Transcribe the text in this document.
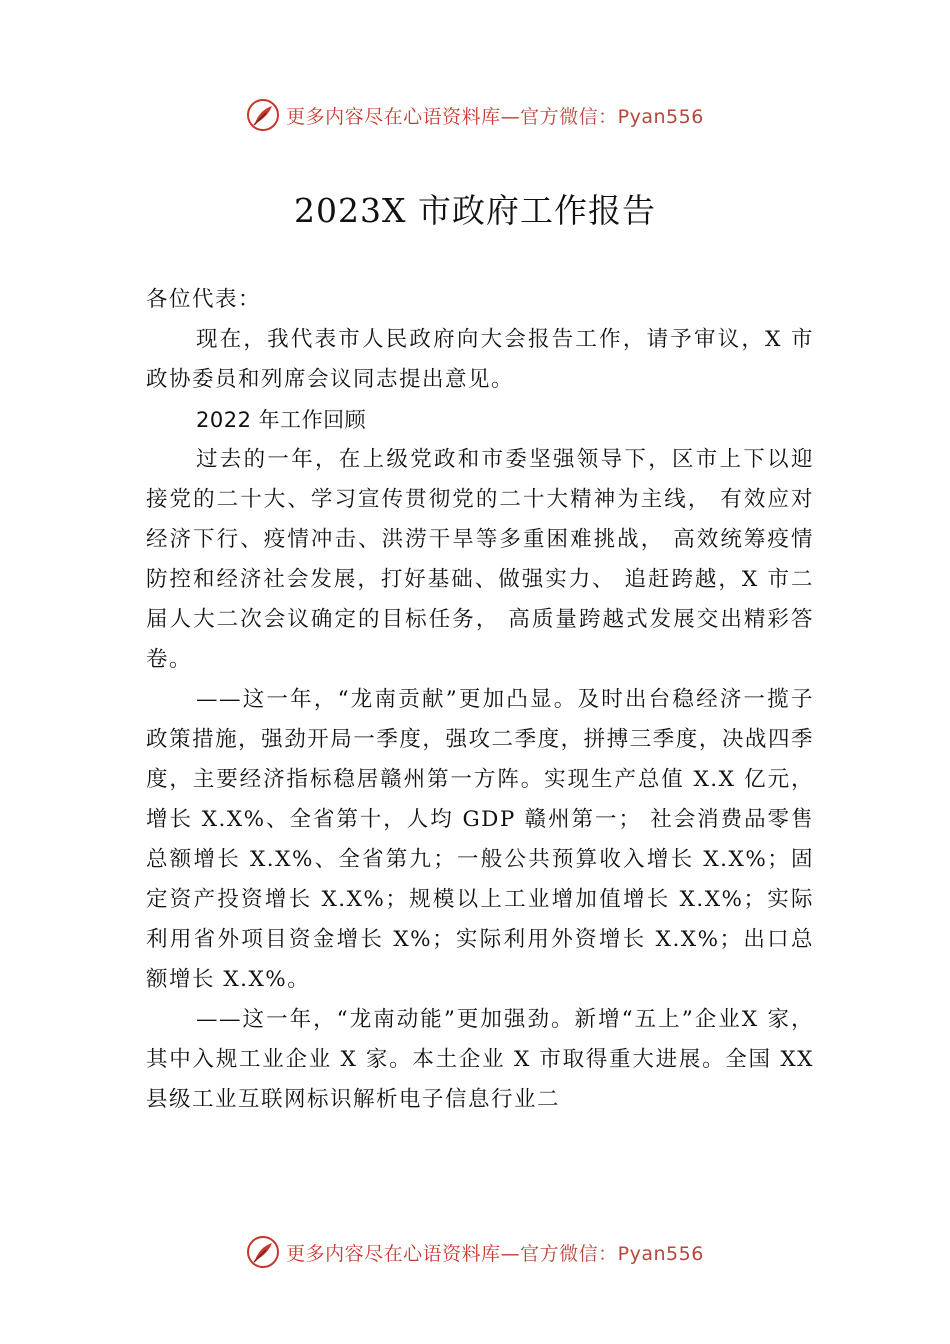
更多内容尽在心语资料库—官方微信：Pyan556
2023X 市政府工作报告

各位代表：

现在，我代表市人民政府向大会报告工作，请予审议，X 市政协委员和列席会议同志提出意见。

2022 年工作回顾

过去的一年，在上级党政和市委坚强领导下，区市上下以迎接党的二十大、学习宣传贯彻党的二十大精神为主线， 有效应对经济下行、疫情冲击、洪涝干旱等多重困难挑战， 高效统筹疫情防控和经济社会发展，打好基础、做强实力、 追赶跨越，X 市二届人大二次会议确定的目标任务， 高质量跨越式发展交出精彩答卷。

——这一年，“龙南贡献”更加凸显。及时出台稳经济一揽子政策措施，强劲开局一季度，强攻二季度，拼搏三季度，决战四季度，主要经济指标稳居赣州第一方阵。实现生产总值 X.X 亿元，增长 X.X%、全省第十，人均 GDP 赣州第一； 社会消费品零售总额增长 X.X%、全省第九；一般公共预算收入增长 X.X%；固定资产投资增长 X.X%；规模以上工业增加值增长 X.X%；实际利用省外项目资金增长 X%；实际利用外资增长 X.X%；出口总额增长 X.X%。

——这一年，“龙南动能”更加强劲。新增“五上”企业X 家，其中入规工业企业 X 家。本土企业 X 市取得重大进展。全国 XX 县级工业互联网标识解析电子信息行业二

更多内容尽在心语资料库—官方微信：Pyan556
